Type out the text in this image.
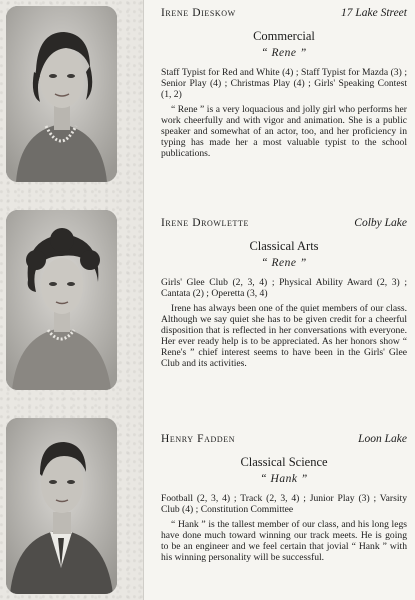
Irene Dieskow	17 Lake Street
Commercial
“ Rene ”
Staff Typist for Red and White (4) ; Staff Typist for Mazda (3) ; Senior Play (4) ; Christmas Play (4) ; Girls' Speaking Contest (1, 2)
“ Rene ” is a very loquacious and jolly girl who performs her work cheerfully and with vigor and animation. She is a public speaker and somewhat of an actor, too, and her proficiency in typing has made her a most valuable typist to the school publications.
Irene Drowlette	Colby Lake
Classical Arts
“ Rene ”
Girls' Glee Club (2, 3, 4) ; Physical Ability Award (2, 3) ; Cantata (2) ; Operetta (3, 4)
Irene has always been one of the quiet members of our class. Although we say quiet she has to be given credit for a cheerful disposition that is reflected in her conversations with everyone. Her ever ready help is to be appreciated. As her honors show “ Rene's ” chief interest seems to have been in the Girls' Glee Club and its activities.
Henry Fadden	Loon Lake
Classical Science
“ Hank ”
Football (2, 3, 4) ; Track (2, 3, 4) ; Junior Play (3) ; Varsity Club (4) ; Constitution Committee
“ Hank ” is the tallest member of our class, and his long legs have done much toward winning our track meets. He is going to be an engineer and we feel certain that jovial “ Hank ” with his winning personality will be successful.
